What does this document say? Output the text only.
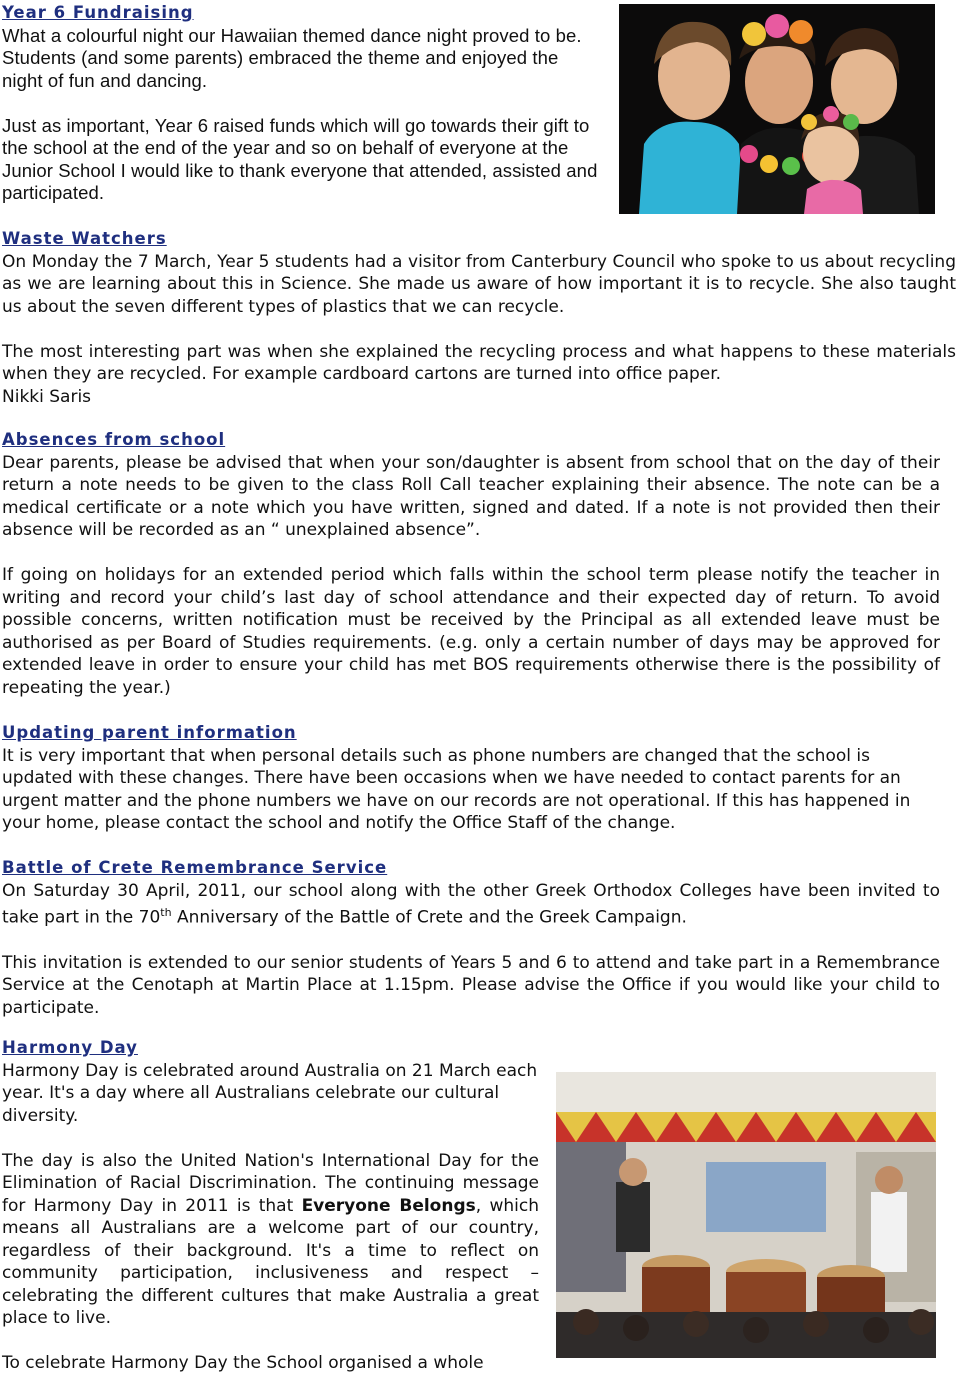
Year 6 Fundraising

What a colourful night our Hawaiian themed dance night proved to be. Students (and some parents) embraced the theme and enjoyed the night of fun and dancing.

Just as important, Year 6 raised funds which will go towards their gift to the school at the end of the year and so on behalf of everyone at the Junior School I would like to thank everyone that attended, assisted and participated.

Waste Watchers

On Monday the 7 March, Year 5 students had a visitor from Canterbury Council who spoke to us about recycling as we are learning about this in Science. She made us aware of how important it is to recycle. She also taught us about the seven different types of plastics that we can recycle.

The most interesting part was when she explained the recycling process and what happens to these materials when they are recycled. For example cardboard cartons are turned into office paper.

Nikki Saris

Absences from school

Dear parents, please be advised that when your son/daughter is absent from school that on the day of their return a note needs to be given to the class Roll Call teacher explaining their absence. The note can be a medical certificate or a note which you have written, signed and dated. If a note is not provided then their absence will be recorded as an “ unexplained absence”.

If going on holidays for an extended period which falls within the school term please notify the teacher in writing and record your child’s last day of school attendance and their expected day of return. To avoid possible concerns, written notification must be received by the Principal as all extended leave must be authorised as per Board of Studies requirements. (e.g. only a certain number of days may be approved for extended leave in order to ensure your child has met BOS requirements otherwise there is the possibility of repeating the year.)

Updating parent information

It is very important that when personal details such as phone numbers are changed that the school is updated with these changes. There have been occasions when we have needed to contact parents for an urgent matter and the phone numbers we have on our records are not operational. If this has happened in your home, please contact the school and notify the Office Staff of the change.

Battle of Crete Remembrance Service

On Saturday 30 April, 2011, our school along with the other Greek Orthodox Colleges have been invited to take part in the 70th Anniversary of the Battle of Crete and the Greek Campaign.

This invitation is extended to our senior students of Years 5 and 6 to attend and take part in a Remembrance Service at the Cenotaph at Martin Place at 1.15pm. Please advise the Office if you would like your child to participate.

Harmony Day

Harmony Day is celebrated around Australia on 21 March each year. It's a day where all Australians celebrate our cultural diversity.

The day is also the United Nation's International Day for the Elimination of Racial Discrimination. The continuing message for Harmony Day in 2011 is that Everyone Belongs, which means all Australians are a welcome part of our country, regardless of their background. It's a time to reflect on community participation, inclusiveness and respect – celebrating the different cultures that make Australia a great place to live.

To celebrate Harmony Day the School organised a whole
